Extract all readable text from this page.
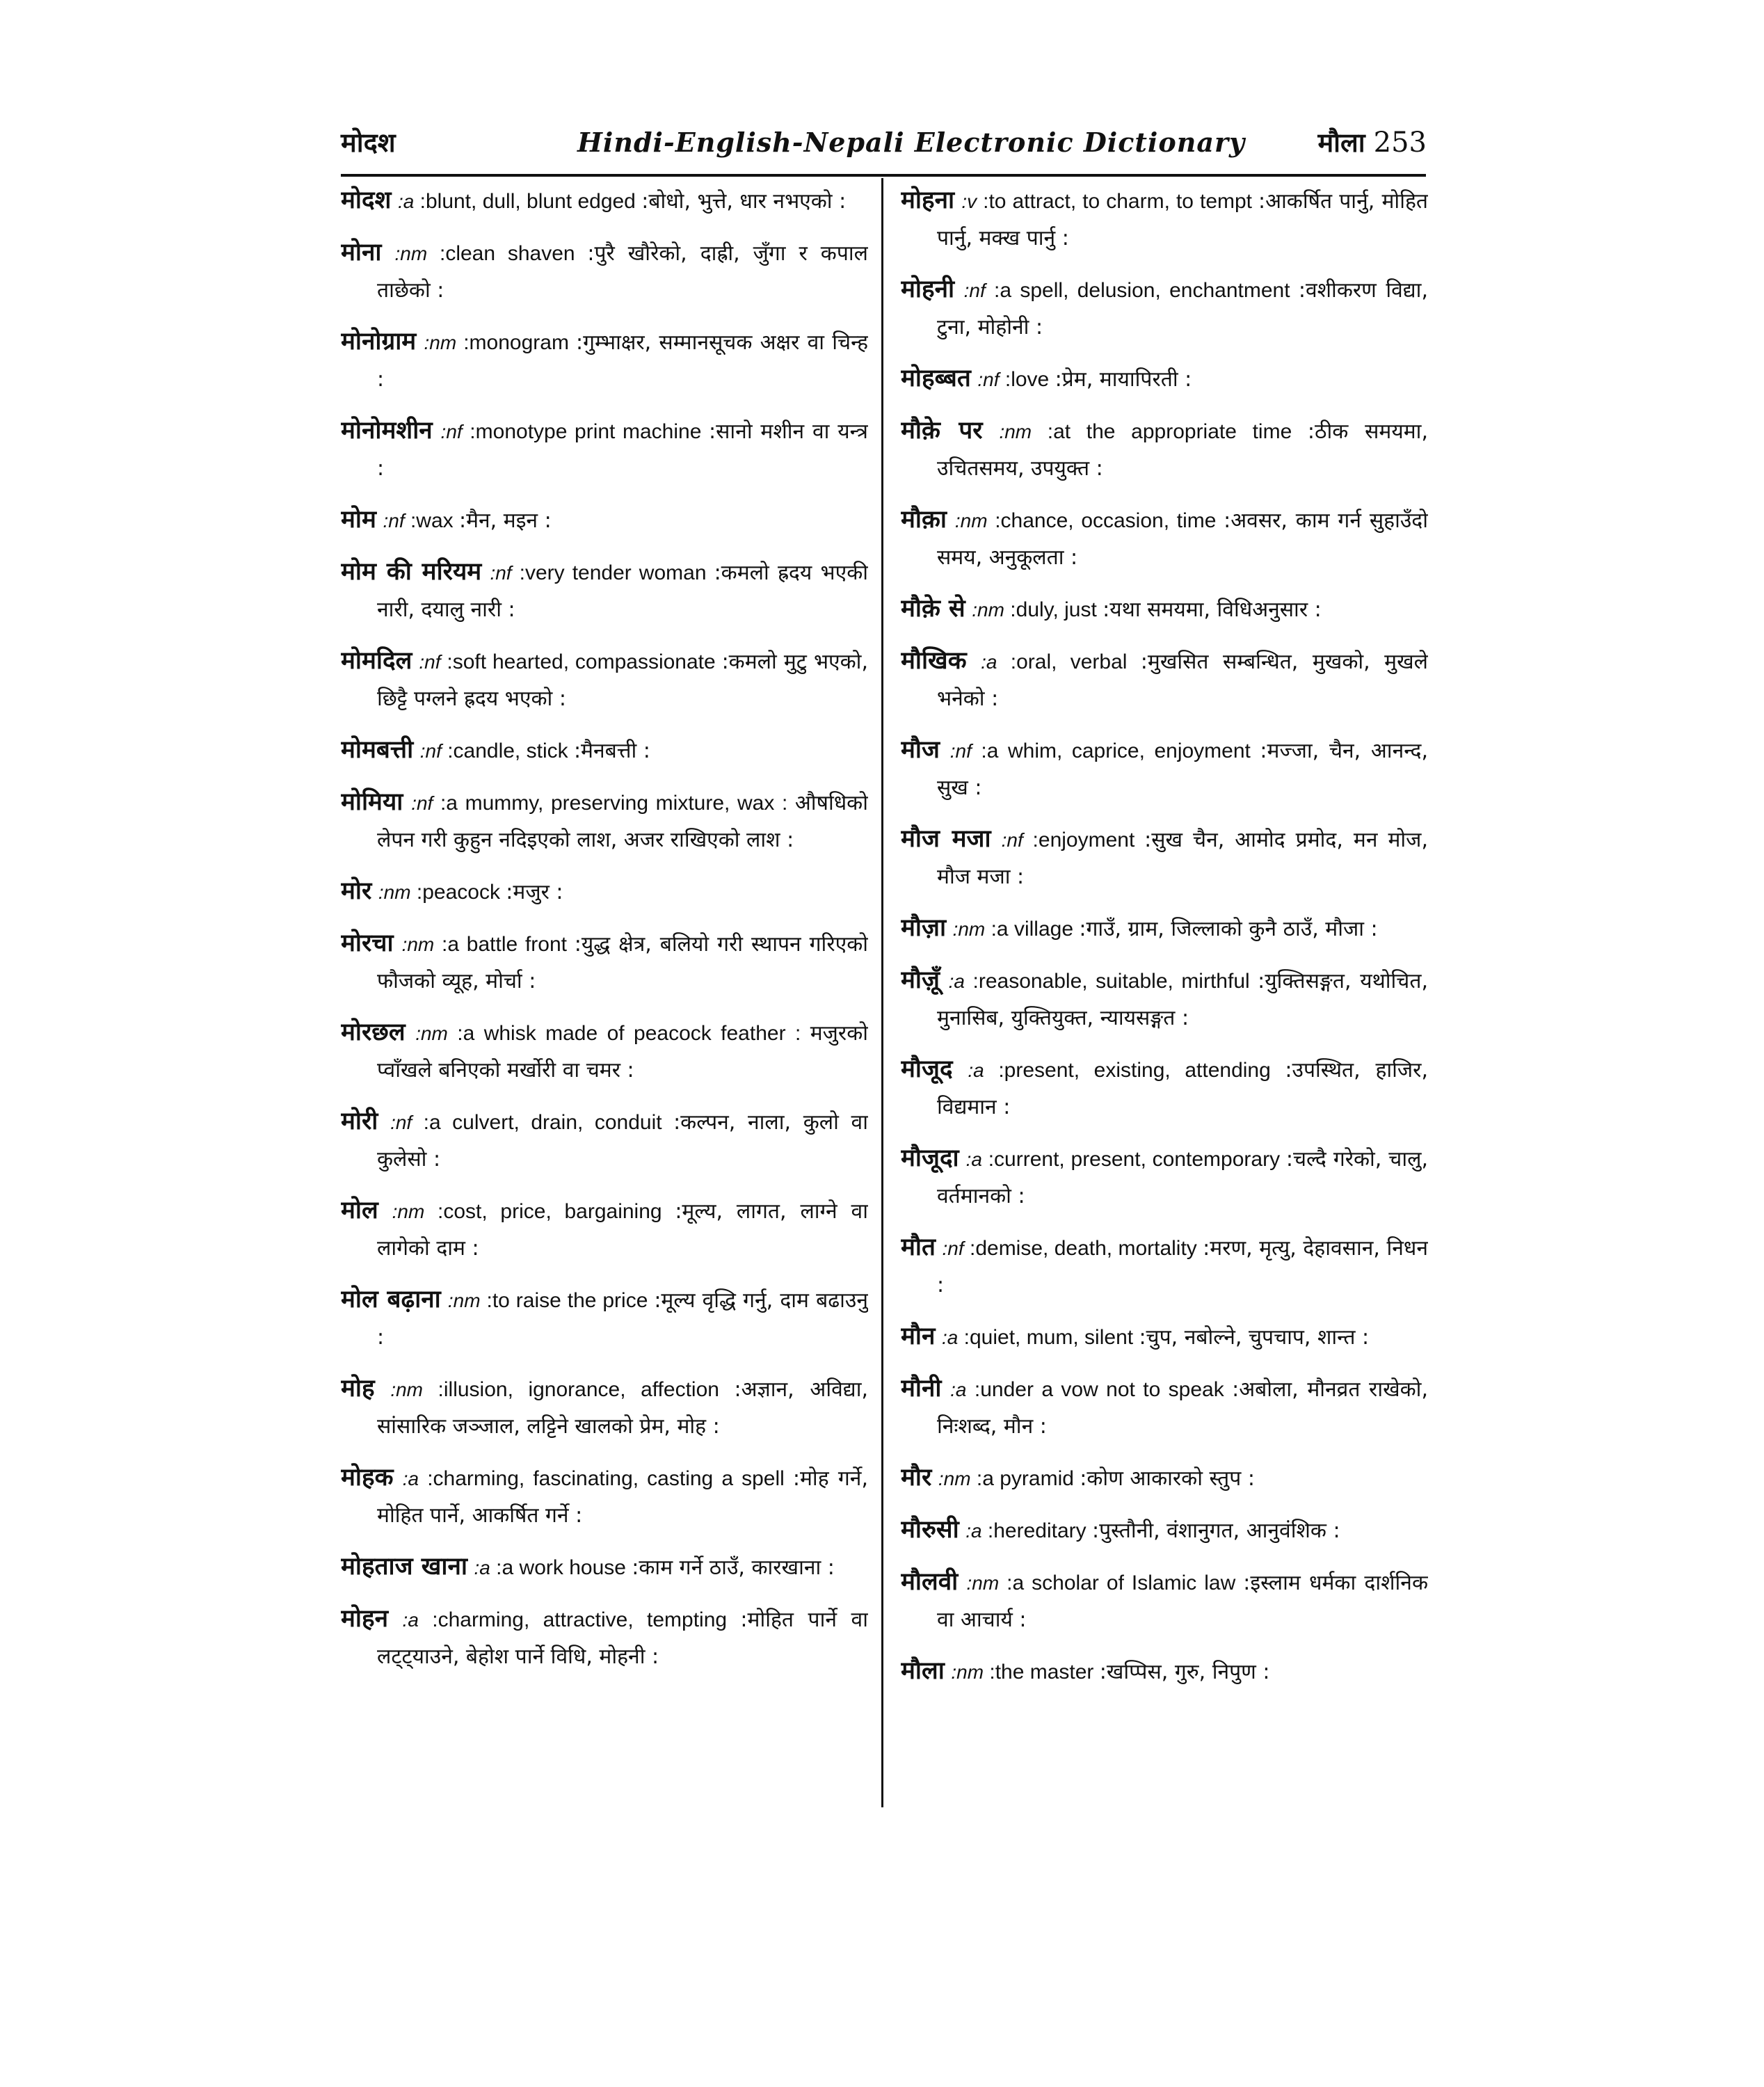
मोदश	Hindi-English-Nepali Electronic Dictionary	मौला 253

मोदश :a :blunt, dull, blunt edged :बोधो, भुत्ते, धार नभएको :

मोना :nm :clean shaven :पुरै खौरेको, दाह्री, जुँगा र कपाल ताछेको :

मोनोग्राम :nm :monogram :गुम्भाक्षर, सम्मानसूचक अक्षर वा चिन्ह :

मोनोमशीन :nf :monotype print machine :सानो मशीन वा यन्त्र :

मोम :nf :wax :मैन, मइन :

मोम की मरियम :nf :very tender woman :कमलो ह्रदय भएकी नारी, दयालु नारी :

मोमदिल :nf :soft hearted, compassionate :कमलो मुटु भएको, छिट्टै पग्लने ह्रदय भएको :

मोमबत्ती :nf :candle, stick :मैनबत्ती :

मोमिया :nf :a mummy, preserving mixture, wax : औषधिको लेपन गरी कुहुन नदिइएको लाश, अजर राखिएको लाश :

मोर :nm :peacock :मजुर :

मोरचा :nm :a battle front :युद्ध क्षेत्र, बलियो गरी स्थापन गरिएको फौजको व्यूह, मोर्चा :

मोरछल :nm :a whisk made of peacock feather : मजुरको प्वाँखले बनिएको मर्खोरी वा चमर :

मोरी :nf :a culvert, drain, conduit :कल्पन, नाला, कुलो वा कुलेसो :

मोल :nm :cost, price, bargaining :मूल्य, लागत, लाग्ने वा लागेको दाम :

मोल बढ़ाना :nm :to raise the price :मूल्य वृद्धि गर्नु, दाम बढाउनु :

मोह :nm :illusion, ignorance, affection :अज्ञान, अविद्या, सांसारिक जञ्जाल, लट्टिने खालको प्रेम, मोह :

मोहक :a :charming, fascinating, casting a spell :मोह गर्ने, मोहित पार्ने, आकर्षित गर्ने :

मोहताज खाना :a :a work house :काम गर्ने ठाउँ, कारखाना :

मोहन :a :charming, attractive, tempting :मोहित पार्ने वा लट्ट्याउने, बेहोश पार्ने विधि, मोहनी :

मोहना :v :to attract, to charm, to tempt :आकर्षित पार्नु, मोहित पार्नु, मक्ख पार्नु :

मोहनी :nf :a spell, delusion, enchantment :वशीकरण विद्या, टुना, मोहोनी :

मोहब्बत :nf :love :प्रेम, मायापिरती :

मौक़े पर :nm :at the appropriate time :ठीक समयमा, उचितसमय, उपयुक्त :

मौक़ा :nm :chance, occasion, time :अवसर, काम गर्न सुहाउँदो समय, अनुकूलता :

मौक़े से :nm :duly, just :यथा समयमा, विधिअनुसार :

मौखिक :a :oral, verbal :मुखसित सम्बन्धित, मुखको, मुखले भनेको :

मौज :nf :a whim, caprice, enjoyment :मज्जा, चैन, आनन्द, सुख :

मौज मजा :nf :enjoyment :सुख चैन, आमोद प्रमोद, मन मोज, मौज मजा :

मौज़ा :nm :a village :गाउँ, ग्राम, जिल्लाको कुनै ठाउँ, मौजा :

मौज़ूँ :a :reasonable, suitable, mirthful :युक्तिसङ्गत, यथोचित, मुनासिब, युक्तियुक्त, न्यायसङ्गत :

मौजूद :a :present, existing, attending :उपस्थित, हाजिर, विद्यमान :

मौजूदा :a :current, present, contemporary :चल्दै गरेको, चालु, वर्तमानको :

मौत :nf :demise, death, mortality :मरण, मृत्यु, देहावसान, निधन :

मौन :a :quiet, mum, silent :चुप, नबोल्ने, चुपचाप, शान्त :

मौनी :a :under a vow not to speak :अबोला, मौनव्रत राखेको, निःशब्द, मौन :

मौर :nm :a pyramid :कोण आकारको स्तुप :

मौरुसी :a :hereditary :पुस्तौनी, वंशानुगत, आनुवंशिक :

मौलवी :nm :a scholar of Islamic law :इस्लाम धर्मका दार्शनिक वा आचार्य :

मौला :nm :the master :खप्पिस, गुरु, निपुण :
